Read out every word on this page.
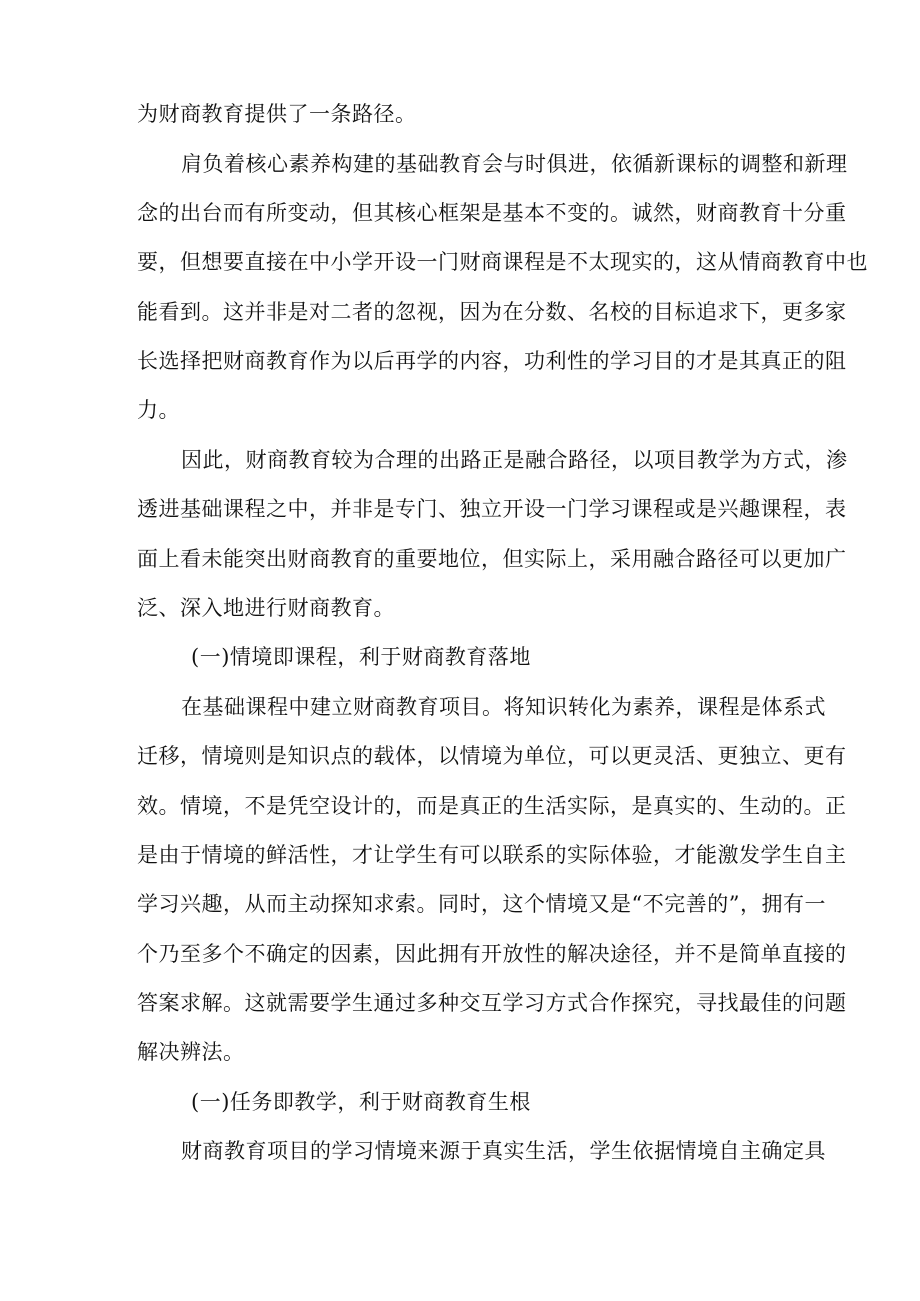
为财商教育提供了一条路径。
肩负着核心素养构建的基础教育会与时俱进，依循新课标的调整和新理
念的出台而有所变动，但其核心框架是基本不变的。诚然，财商教育十分重
要，但想要直接在中小学开设一门财商课程是不太现实的，这从情商教育中也
能看到。这并非是对二者的忽视，因为在分数、名校的目标追求下，更多家
长选择把财商教育作为以后再学的内容，功利性的学习目的才是其真正的阻
力。
因此，财商教育较为合理的出路正是融合路径，以项目教学为方式，渗
透进基础课程之中，并非是专门、独立开设一门学习课程或是兴趣课程，表
面上看未能突出财商教育的重要地位，但实际上，采用融合路径可以更加广
泛、深入地进行财商教育。
(一)情境即课程，利于财商教育落地
在基础课程中建立财商教育项目。将知识转化为素养，课程是体系式
迁移，情境则是知识点的载体，以情境为单位，可以更灵活、更独立、更有
效。情境，不是凭空设计的，而是真正的生活实际，是真实的、生动的。正
是由于情境的鲜活性，才让学生有可以联系的实际体验，才能激发学生自主
学习兴趣，从而主动探知求索。同时，这个情境又是“不完善的”，拥有一
个乃至多个不确定的因素，因此拥有开放性的解决途径，并不是简单直接的
答案求解。这就需要学生通过多种交互学习方式合作探究，寻找最佳的问题
解决辨法。
(一)任务即教学，利于财商教育生根
财商教育项目的学习情境来源于真实生活，学生依据情境自主确定具
